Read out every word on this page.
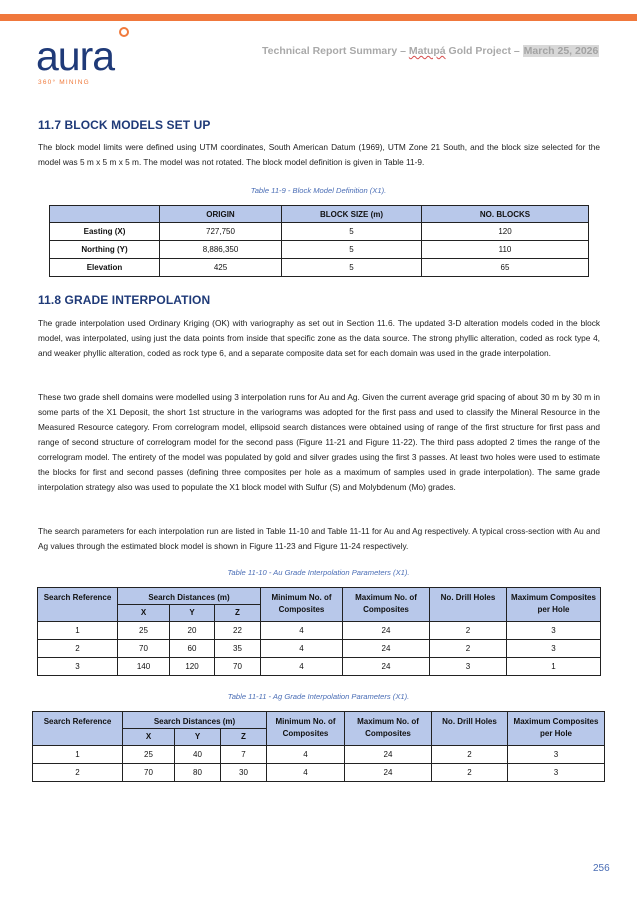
aura
360° MINING
Technical Report Summary – Matupá Gold Project – March 25, 2026
11.7 BLOCK MODELS SET UP

The block model limits were defined using UTM coordinates, South American Datum (1969), UTM Zone 21 South, and the block size selected for the model was 5 m x 5 m x 5 m. The model was not rotated. The block model definition is given in Table 11-9.

Table 11-9 - Block Model Definition (X1).
	ORIGIN	BLOCK SIZE (m)	NO. BLOCKS
Easting (X)	727,750	5	120
Northing (Y)	8,886,350	5	110
Elevation	425	5	65
11.8 GRADE INTERPOLATION

The grade interpolation used Ordinary Kriging (OK) with variography as set out in Section 11.6. The updated 3-D alteration models coded in the block model, was interpolated, using just the data points from inside that specific zone as the data source. The strong phyllic alteration, coded as rock type 4, and weaker phyllic alteration, coded as rock type 6, and a separate composite data set for each domain was used in the grade interpolation.

These two grade shell domains were modelled using 3 interpolation runs for Au and Ag. Given the current average grid spacing of about 30 m by 30 m in some parts of the X1 Deposit, the short 1st structure in the variograms was adopted for the first pass and used to classify the Mineral Resource in the Measured Resource category. From correlogram model, ellipsoid search distances were obtained using of range of the first structure for first pass and range of second structure of correlogram model for the second pass (Figure 11-21 and Figure 11-22). The third pass adopted 2 times the range of the correlogram model. The entirety of the model was populated by gold and silver grades using the first 3 passes. At least two holes were used to estimate the blocks for first and second passes (defining three composites per hole as a maximum of samples used in grade interpolation). The same grade interpolation strategy also was used to populate the X1 block model with Sulfur (S) and Molybdenum (Mo) grades.

The search parameters for each interpolation run are listed in Table 11-10 and Table 11-11 for Au and Ag respectively. A typical cross-section with Au and Ag values through the estimated block model is shown in Figure 11-23 and Figure 11-24 respectively.

Table 11-10 - Au Grade Interpolation Parameters (X1).
Search Reference	Search Distances (m)			Minimum No. of Composites	Maximum No. of Composites	No. Drill Holes	Maximum Composites per Hole
	X	Y	Z				
1	25	20	22	4	24	2	3
2	70	60	35	4	24	2	3
3	140	120	70	4	24	3	1
Table 11-11 - Ag Grade Interpolation Parameters (X1).
Search Reference	Search Distances (m)			Minimum No. of Composites	Maximum No. of Composites	No. Drill Holes	Maximum Composites per Hole
	X	Y	Z				
1	25	40	7	4	24	2	3
2	70	80	30	4	24	2	3
256
